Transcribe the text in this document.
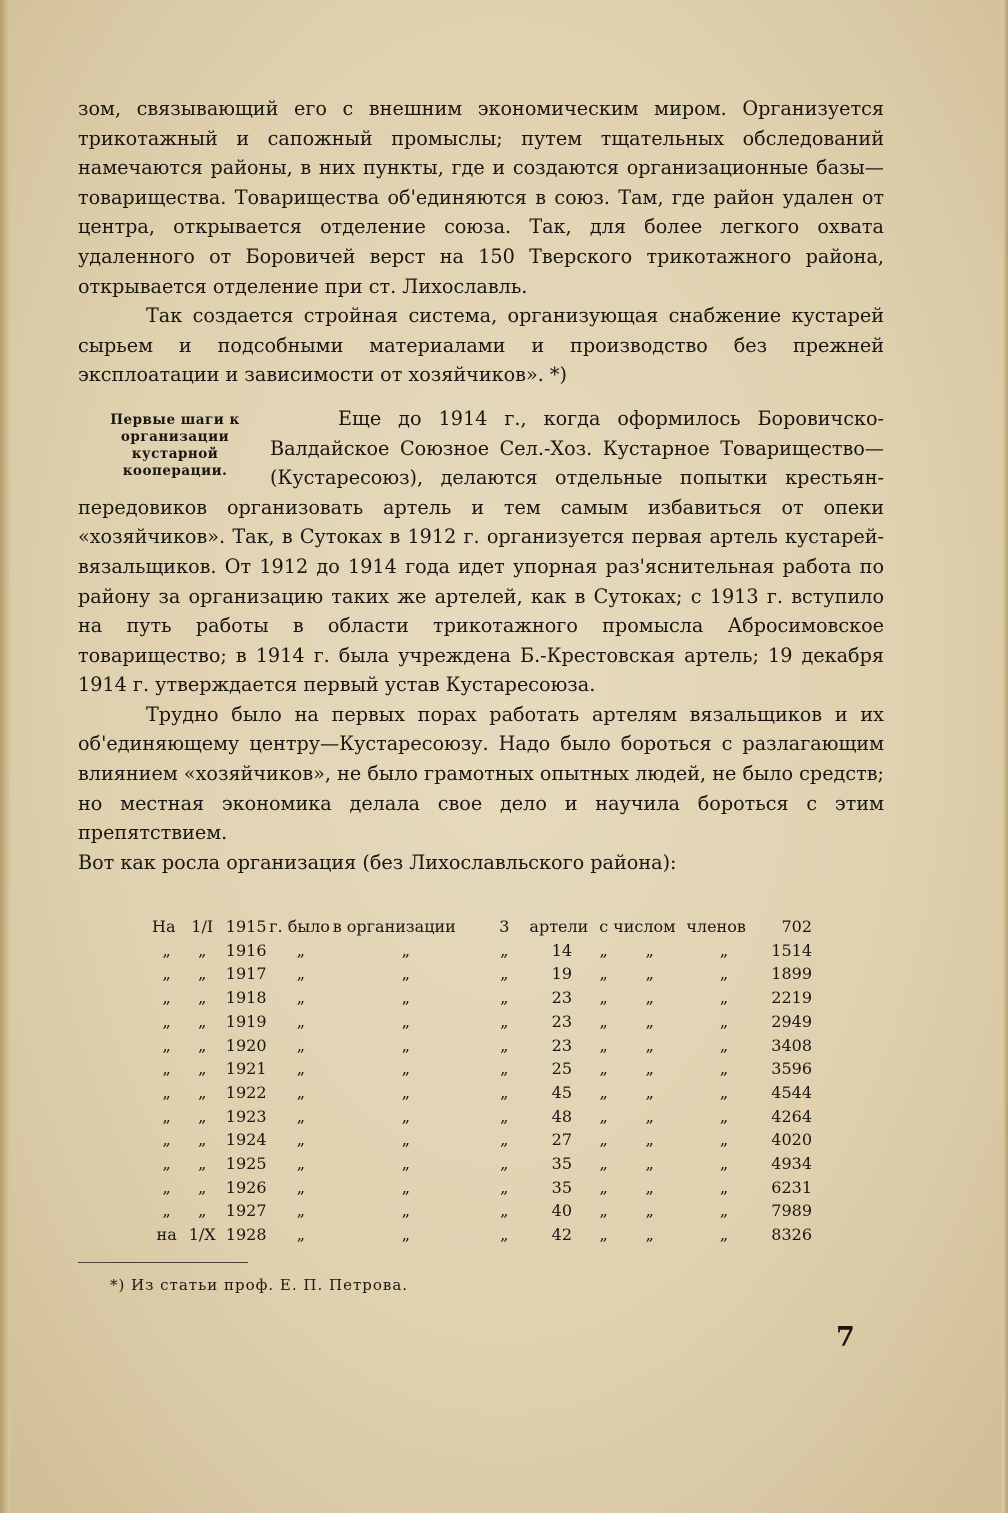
зом, связывающий его с внешним экономическим миром. Организуется трикотажный и сапожный промыслы; путем тщательных обследований намечаются районы, в них пункты, где и создаются организационные базы—товарищества. Товарищества об'единяются в союз. Там, где район удален от центра, открывается отделение союза. Так, для более легкого охвата удаленного от Боровичей верст на 150 Тверского трикотажного района, открывается отделение при ст. Лихославль.

Так создается стройная система, организующая снабжение кустарей сырьем и подсобными материалами и производство без прежней эксплоатации и зависимости от хозяйчиков». *)

Первые шаги к организации кустарной кооперации.

Еще до 1914 г., когда оформилось Боровичско-Валдайское Союзное Сел.-Хоз. Кустарное Товарищество—(Кустаресоюз), делаются отдельные попытки крестьян-передовиков организовать артель и тем самым избавиться от опеки «хозяйчиков». Так, в Сутоках в 1912 г. организуется первая артель кустарей-вязальщиков. От 1912 до 1914 года идет упорная раз'яснительная работа по району за организацию таких же артелей, как в Сутоках; с 1913 г. вступило на путь работы в области трикотажного промысла Абросимовское товарищество; в 1914 г. была учреждена Б.-Крестовская артель; 19 декабря 1914 г. утверждается первый устав Кустаресоюза.

Трудно было на первых порах работать артелям вязальщиков и их об'единяющему центру—Кустаресоюзу. Надо было бороться с разлагающим влиянием «хозяйчиков», не было грамотных опытных людей, не было средств; но местная экономика делала свое дело и научила бороться с этим препятствием.

Вот как росла организация (без Лихославльского района):

На	1/I	1915	г. было	в организации	3	артели	с	числом	членов	702
„	„	1916	„	„	„	14	„	„	„	1514
„	„	1917	„	„	„	19	„	„	„	1899
„	„	1918	„	„	„	23	„	„	„	2219
„	„	1919	„	„	„	23	„	„	„	2949
„	„	1920	„	„	„	23	„	„	„	3408
„	„	1921	„	„	„	25	„	„	„	3596
„	„	1922	„	„	„	45	„	„	„	4544
„	„	1923	„	„	„	48	„	„	„	4264
„	„	1924	„	„	„	27	„	„	„	4020
„	„	1925	„	„	„	35	„	„	„	4934
„	„	1926	„	„	„	35	„	„	„	6231
„	„	1927	„	„	„	40	„	„	„	7989
на	1/X	1928	„	„	„	42	„	„	„	8326
*) Из статьи проф. Е. П. Петрова.
7
